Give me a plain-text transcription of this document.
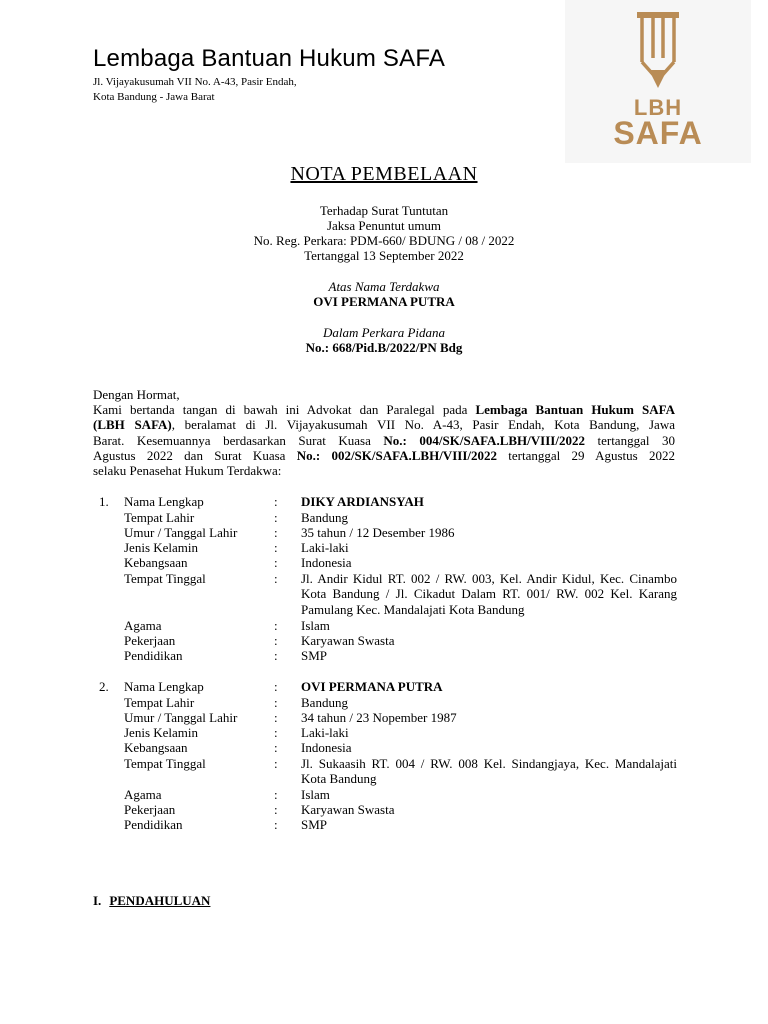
Lembaga Bantuan Hukum SAFA
Jl. Vijayakusumah VII No. A-43, Pasir Endah,
Kota Bandung - Jawa Barat	LBH
SAFA
NOTA PEMBELAAN
Terhadap Surat Tuntutan
Jaksa Penuntut umum
No. Reg. Perkara: PDM-660/ BDUNG / 08 / 2022
Tertanggal 13 September 2022
Atas Nama Terdakwa
OVI PERMANA PUTRA
Dalam Perkara Pidana
No.: 668/Pid.B/2022/PN Bdg
Dengan Hormat,
Kami bertanda tangan di bawah ini Advokat dan Paralegal pada Lembaga Bantuan Hukum SAFA
(LBH SAFA), beralamat di Jl. Vijayakusumah VII No. A-43, Pasir Endah, Kota Bandung, Jawa
Barat. Kesemuannya berdasarkan Surat Kuasa No.: 004/SK/SAFA.LBH/VIII/2022 tertanggal 30
Agustus 2022 dan Surat Kuasa No.: 002/SK/SAFA.LBH/VIII/2022 tertanggal 29 Agustus 2022
selaku Penasehat Hukum Terdakwa:
1. Nama Lengkap	: DIKY ARDIANSYAH
Tempat Lahir	: Bandung
Umur / Tanggal Lahir	: 35 tahun / 12 Desember 1986
Jenis Kelamin	: Laki-laki
Kebangsaan	: Indonesia
Tempat Tinggal	: Jl. Andir Kidul RT. 002 / RW. 003, Kel. Andir Kidul, Kec. Cinambo Kota Bandung / Jl. Cikadut Dalam RT. 001/ RW. 002 Kel. Karang Pamulang Kec. Mandalajati Kota Bandung
Agama	: Islam
Pekerjaan	: Karyawan Swasta
Pendidikan	: SMP
2. Nama Lengkap	: OVI PERMANA PUTRA
Tempat Lahir	: Bandung
Umur / Tanggal Lahir	: 34 tahun / 23 Nopember 1987
Jenis Kelamin	: Laki-laki
Kebangsaan	: Indonesia
Tempat Tinggal	: Jl. Sukaasih RT. 004 / RW. 008 Kel. Sindangjaya, Kec. Mandalajati Kota Bandung
Agama	: Islam
Pekerjaan	: Karyawan Swasta
Pendidikan	: SMP
I. PENDAHULUAN
